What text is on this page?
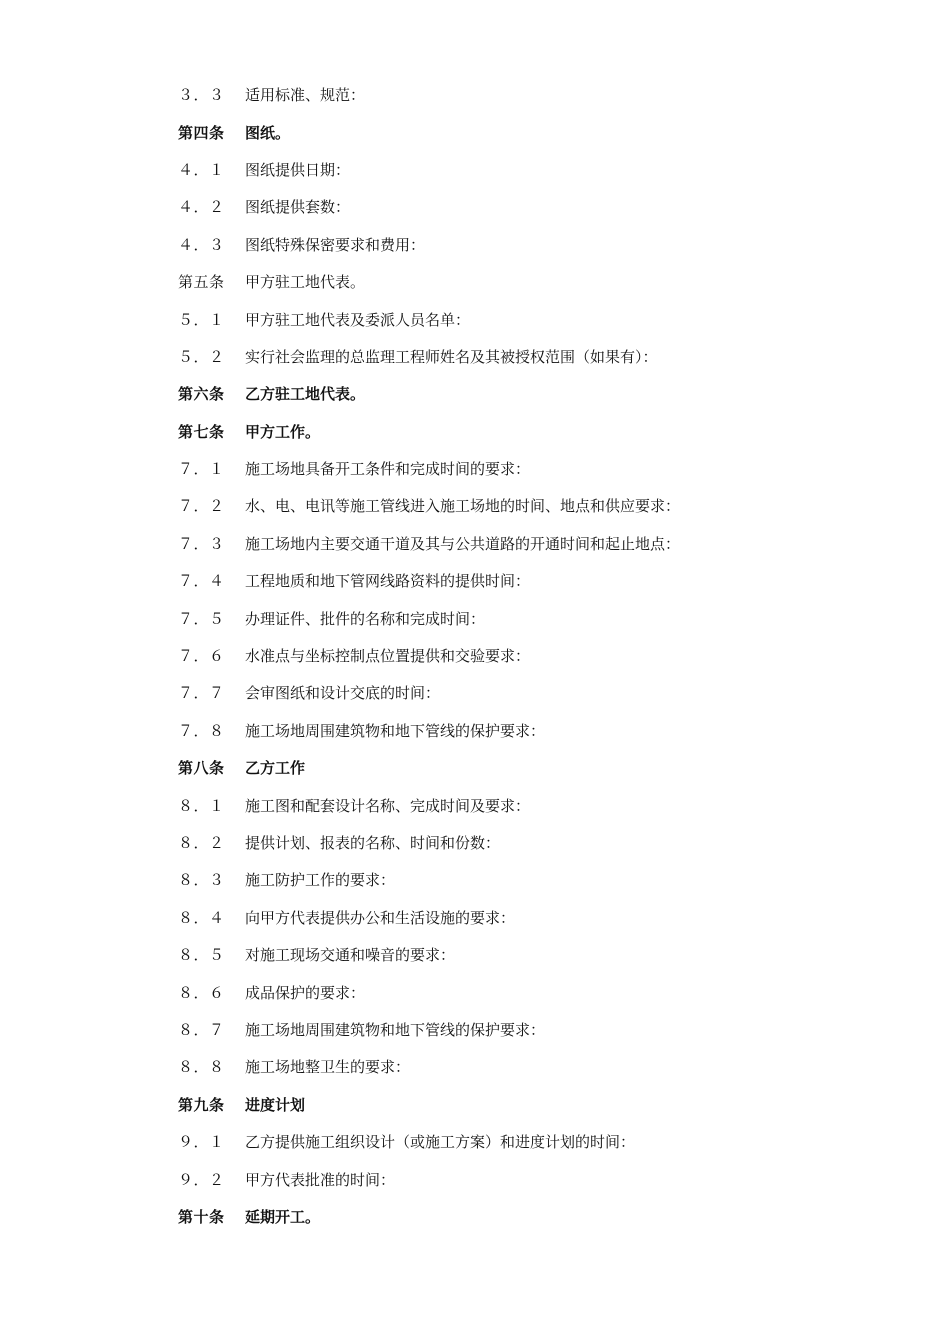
３．３	适用标准、规范：
第四条	图纸。
４．１	图纸提供日期：
４．２	图纸提供套数：
４．３	图纸特殊保密要求和费用：
第五条	甲方驻工地代表。
５．１	甲方驻工地代表及委派人员名单：
５．２	实行社会监理的总监理工程师姓名及其被授权范围（如果有）：
第六条	乙方驻工地代表。
第七条	甲方工作。
７．１	施工场地具备开工条件和完成时间的要求：
７．２	水、电、电讯等施工管线进入施工场地的时间、地点和供应要求：
７．３	施工场地内主要交通干道及其与公共道路的开通时间和起止地点：
７．４	工程地质和地下管网线路资料的提供时间：
７．５	办理证件、批件的名称和完成时间：
７．６	水准点与坐标控制点位置提供和交验要求：
７．７	会审图纸和设计交底的时间：
７．８	施工场地周围建筑物和地下管线的保护要求：
第八条	乙方工作
８．１	施工图和配套设计名称、完成时间及要求：
８．２	提供计划、报表的名称、时间和份数：
８．３	施工防护工作的要求：
８．４	向甲方代表提供办公和生活设施的要求：
８．５	对施工现场交通和噪音的要求：
８．６	成品保护的要求：
８．７	施工场地周围建筑物和地下管线的保护要求：
８．８	施工场地整卫生的要求：
第九条	进度计划
９．１	乙方提供施工组织设计（或施工方案）和进度计划的时间：
９．２	甲方代表批准的时间：
第十条	延期开工。
